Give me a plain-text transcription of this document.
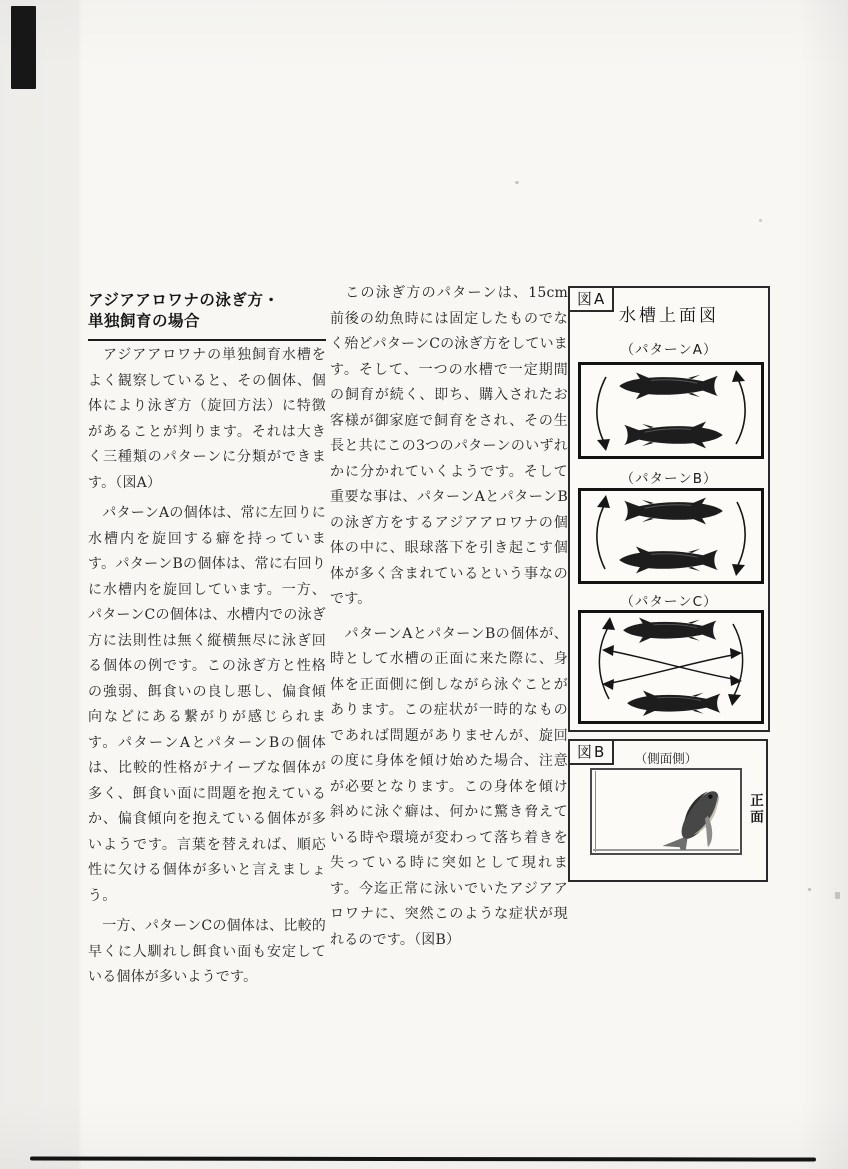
アジアアロワナの泳ぎ方・
単独飼育の場合

　アジアアロワナの単独飼育水槽をよく観察していると、その個体、個体により泳ぎ方（旋回方法）に特徴があることが判ります。それは大きく三種類のパターンに分類ができます。（図A）

　パターンAの個体は、常に左回りに水槽内を旋回する癖を持っています。パターンBの個体は、常に右回りに水槽内を旋回しています。一方、パターンCの個体は、水槽内での泳ぎ方に法則性は無く縦横無尽に泳ぎ回る個体の例です。この泳ぎ方と性格の強弱、餌食いの良し悪し、偏食傾向などにある繋がりが感じられます。パターンAとパターンBの個体は、比較的性格がナイーブな個体が多く、餌食い面に問題を抱えているか、偏食傾向を抱えている個体が多いようです。言葉を替えれば、順応性に欠ける個体が多いと言えましょう。

　一方、パターンCの個体は、比較的早くに人馴れし餌食い面も安定している個体が多いようです。

　この泳ぎ方のパターンは、15cm前後の幼魚時には固定したものでなく殆どパターンCの泳ぎ方をしています。そして、一つの水槽で一定期間の飼育が続く、即ち、購入されたお客様が御家庭で飼育をされ、その生長と共にこの3つのパターンのいずれかに分かれていくようです。そして重要な事は、パターンAとパターンBの泳ぎ方をするアジアアロワナの個体の中に、眼球落下を引き起こす個体が多く含まれているという事なのです。

　パターンAとパターンBの個体が、時として水槽の正面に来た際に、身体を正面側に倒しながら泳ぐことがあります。この症状が一時的なものであれば問題がありませんが、旋回の度に身体を傾け始めた場合、注意が必要となります。この身体を傾け斜めに泳ぐ癖は、何かに驚き脅えている時や環境が変わって落ち着きを失っている時に突如として現れます。今迄正常に泳いでいたアジアアロワナに、突然このような症状が現れるのです。（図B）

図A
水槽上面図
（パターンA）
（パターンB）
（パターンC）
図B	（側面側）
正面
